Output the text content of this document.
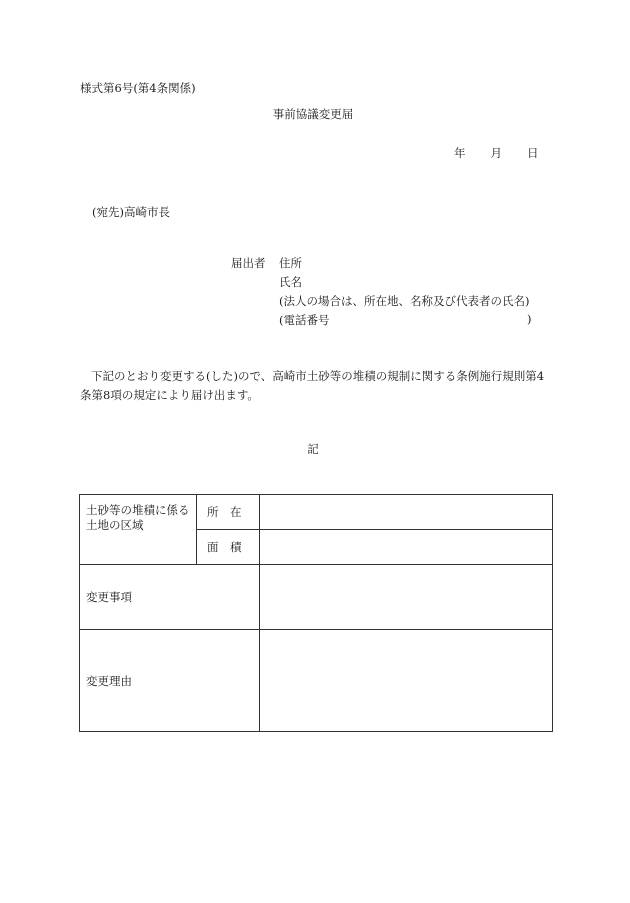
様式第6号(第4条関係)
事前協議変更届
年 月 日
(宛先)高崎市長
届出者 住所
氏名
(法人の場合は、所在地、名称及び代表者の氏名)
(電話番号	)
下記のとおり変更する(した)ので、高崎市土砂等の堆積の規制に関する条例施行規則第4条第8項の規定により届け出ます。
記
土砂等の堆積に係る土地の区域	所　在	
	面　積	
変更事項		
変更理由		
